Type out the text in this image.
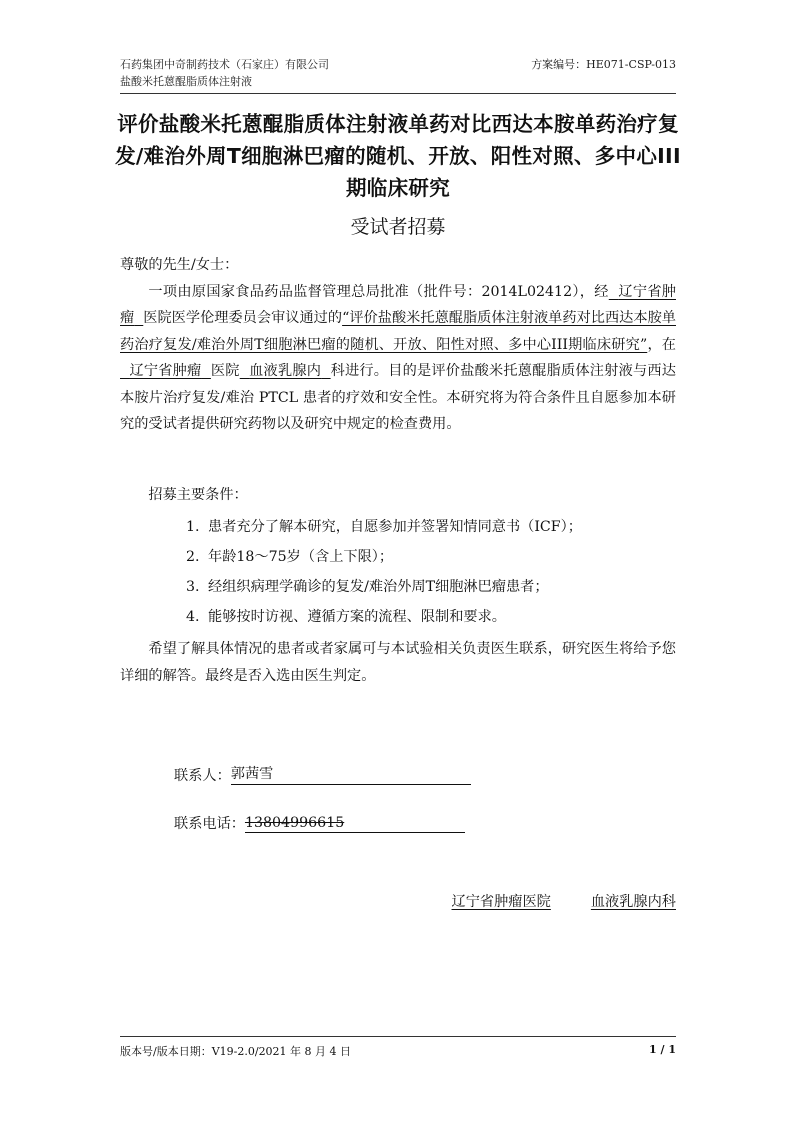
石药集团中奇制药技术（石家庄）有限公司	方案编号：HE071-CSP-013
盐酸米托蒽醌脂质体注射液
评价盐酸米托蒽醌脂质体注射液单药对比西达本胺单药治疗复发/难治外周T细胞淋巴瘤的随机、开放、阳性对照、多中心III期临床研究
受试者招募

尊敬的先生/女士：

一项由原国家食品药品监督管理总局批准（批件号：2014L02412），经 辽宁省肿瘤 医院医学伦理委员会审议通过的“评价盐酸米托蒽醌脂质体注射液单药对比西达本胺单药治疗复发/难治外周T细胞淋巴瘤的随机、开放、阳性对照、多中心III期临床研究”，在  辽宁省肿瘤 医院 血液乳腺内 科进行。目的是评价盐酸米托蒽醌脂质体注射液与西达本胺片治疗复发/难治 PTCL 患者的疗效和安全性。本研究将为符合条件且自愿参加本研究的受试者提供研究药物以及研究中规定的检查费用。

招募主要条件：

1. 患者充分了解本研究，自愿参加并签署知情同意书（ICF）；
2. 年龄18～75岁（含上下限）；
3. 经组织病理学确诊的复发/难治外周T细胞淋巴瘤患者；
4. 能够按时访视、遵循方案的流程、限制和要求。

希望了解具体情况的患者或者家属可与本试验相关负责医生联系，研究医生将给予您详细的解答。最终是否入选由医生判定。

联系人： 郭茜雪
联系电话： 13804996615
辽宁省肿瘤医院	血液乳腺内科
版本号/版本日期：V19-2.0/2021 年 8 月 4 日	1 / 1
